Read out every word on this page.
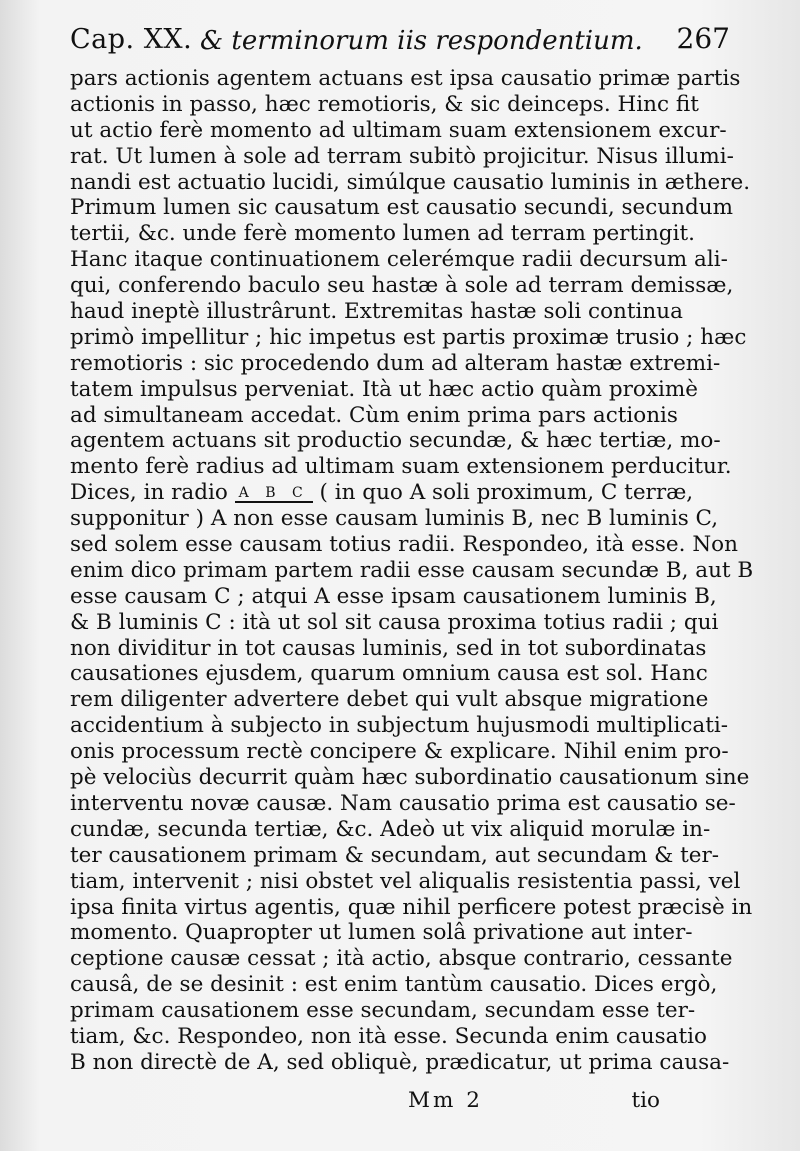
Cap. XX. & terminorum iis respondentium. 267
pars actionis agentem actuans est ipsa causatio primæ partis
actionis in passo, hæc remotioris, & sic deinceps. Hinc fit
ut actio ferè momento ad ultimam suam extensionem excur-
rat. Ut lumen à sole ad terram subitò projicitur. Nisus illumi-
nandi est actuatio lucidi, simúlque causatio luminis in æthere.
Primum lumen sic causatum est causatio secundi, secundum
tertii, &c. unde ferè momento lumen ad terram pertingit.
Hanc itaque continuationem celerémque radii decursum ali-
qui, conferendo baculo seu hastæ à sole ad terram demissæ,
haud ineptè illustrârunt. Extremitas hastæ soli continua
primò impellitur ; hic impetus est partis proximæ trusio ; hæc
remotioris : sic procedendo dum ad alteram hastæ extremi-
tatem impulsus perveniat. Ità ut hæc actio quàm proximè
ad simultaneam accedat. Cùm enim prima pars actionis
agentem actuans sit productio secundæ, & hæc tertiæ, mo-
mento ferè radius ad ultimam suam extensionem perducitur.
Dices, in radio A B C ( in quo A soli proximum, C terræ,
supponitur ) A non esse causam luminis B, nec B luminis C,
sed solem esse causam totius radii. Respondeo, ità esse. Non
enim dico primam partem radii esse causam secundæ B, aut B
esse causam C ; atqui A esse ipsam causationem luminis B,
& B luminis C : ità ut sol sit causa proxima totius radii ; qui
non dividitur in tot causas luminis, sed in tot subordinatas
causationes ejusdem, quarum omnium causa est sol. Hanc
rem diligenter advertere debet qui vult absque migratione
accidentium à subjecto in subjectum hujusmodi multiplicati-
onis processum rectè concipere & explicare. Nihil enim pro-
pè velociùs decurrit quàm hæc subordinatio causationum sine
interventu novæ causæ. Nam causatio prima est causatio se-
cundæ, secunda tertiæ, &c. Adeò ut vix aliquid morulæ in-
ter causationem primam & secundam, aut secundam & ter-
tiam, intervenit ; nisi obstet vel aliqualis resistentia passi, vel
ipsa finita virtus agentis, quæ nihil perficere potest præcisè in
momento. Quapropter ut lumen solâ privatione aut inter-
ceptione causæ cessat ; ità actio, absque contrario, cessante
causâ, de se desinit : est enim tantùm causatio. Dices ergò,
primam causationem esse secundam, secundam esse ter-
tiam, &c. Respondeo, non ità esse. Secunda enim causatio
B non directè de A, sed obliquè, prædicatur, ut prima causa-
Mm 2	tio
